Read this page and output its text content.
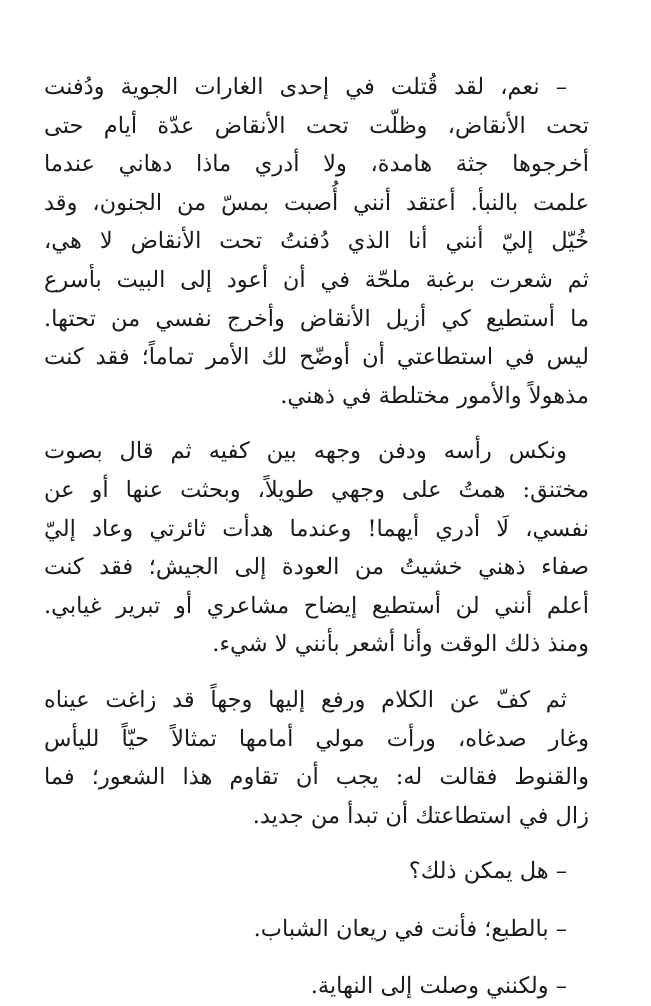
– نعم، لقد قُتلت في إحدى الغارات الجوية ودُفنت
تحت الأنقاض، وظلّت تحت الأنقاض عدّة أيام حتى
أخرجوها جثة هامدة، ولا أدري ماذا دهاني عندما
علمت بالنبأ. أعتقد أنني أُصبت بمسّ من الجنون، وقد
خُيّل إليّ أنني أنا الذي دُفنتُ تحت الأنقاض لا هي،
ثم شعرت برغبة ملحّة في أن أعود إلى البيت بأسرع
ما أستطيع كي أزيل الأنقاض وأخرج نفسي من تحتها.
ليس في استطاعتي أن أوضّح لك الأمر تماماً؛ فقد كنت
مذهولاً والأمور مختلطة في ذهني.
ونكس رأسه ودفن وجهه بين كفيه ثم قال بصوت
مختنق: همتُ على وجهي طويلاً، وبحثت عنها أو عن
نفسي، لَا أدري أيهما! وعندما هدأت ثائرتي وعاد إليّ
صفاء ذهني خشيتُ من العودة إلى الجيش؛ فقد كنت
أعلم أنني لن أستطيع إيضاح مشاعري أو تبرير غيابي.
ومنذ ذلك الوقت وأنا أشعر بأنني لا شيء.
ثم كفّ عن الكلام ورفع إليها وجهاً قد زاغت عيناه
وغار صدغاه، ورأت مولي أمامها تمثالاً حيّاً لليأس
والقنوط فقالت له: يجب أن تقاوم هذا الشعور؛ فما
زال في استطاعتك أن تبدأ من جديد.
– هل يمكن ذلك؟
– بالطبع؛ فأنت في ريعان الشباب.
– ولكنني وصلت إلى النهاية.
